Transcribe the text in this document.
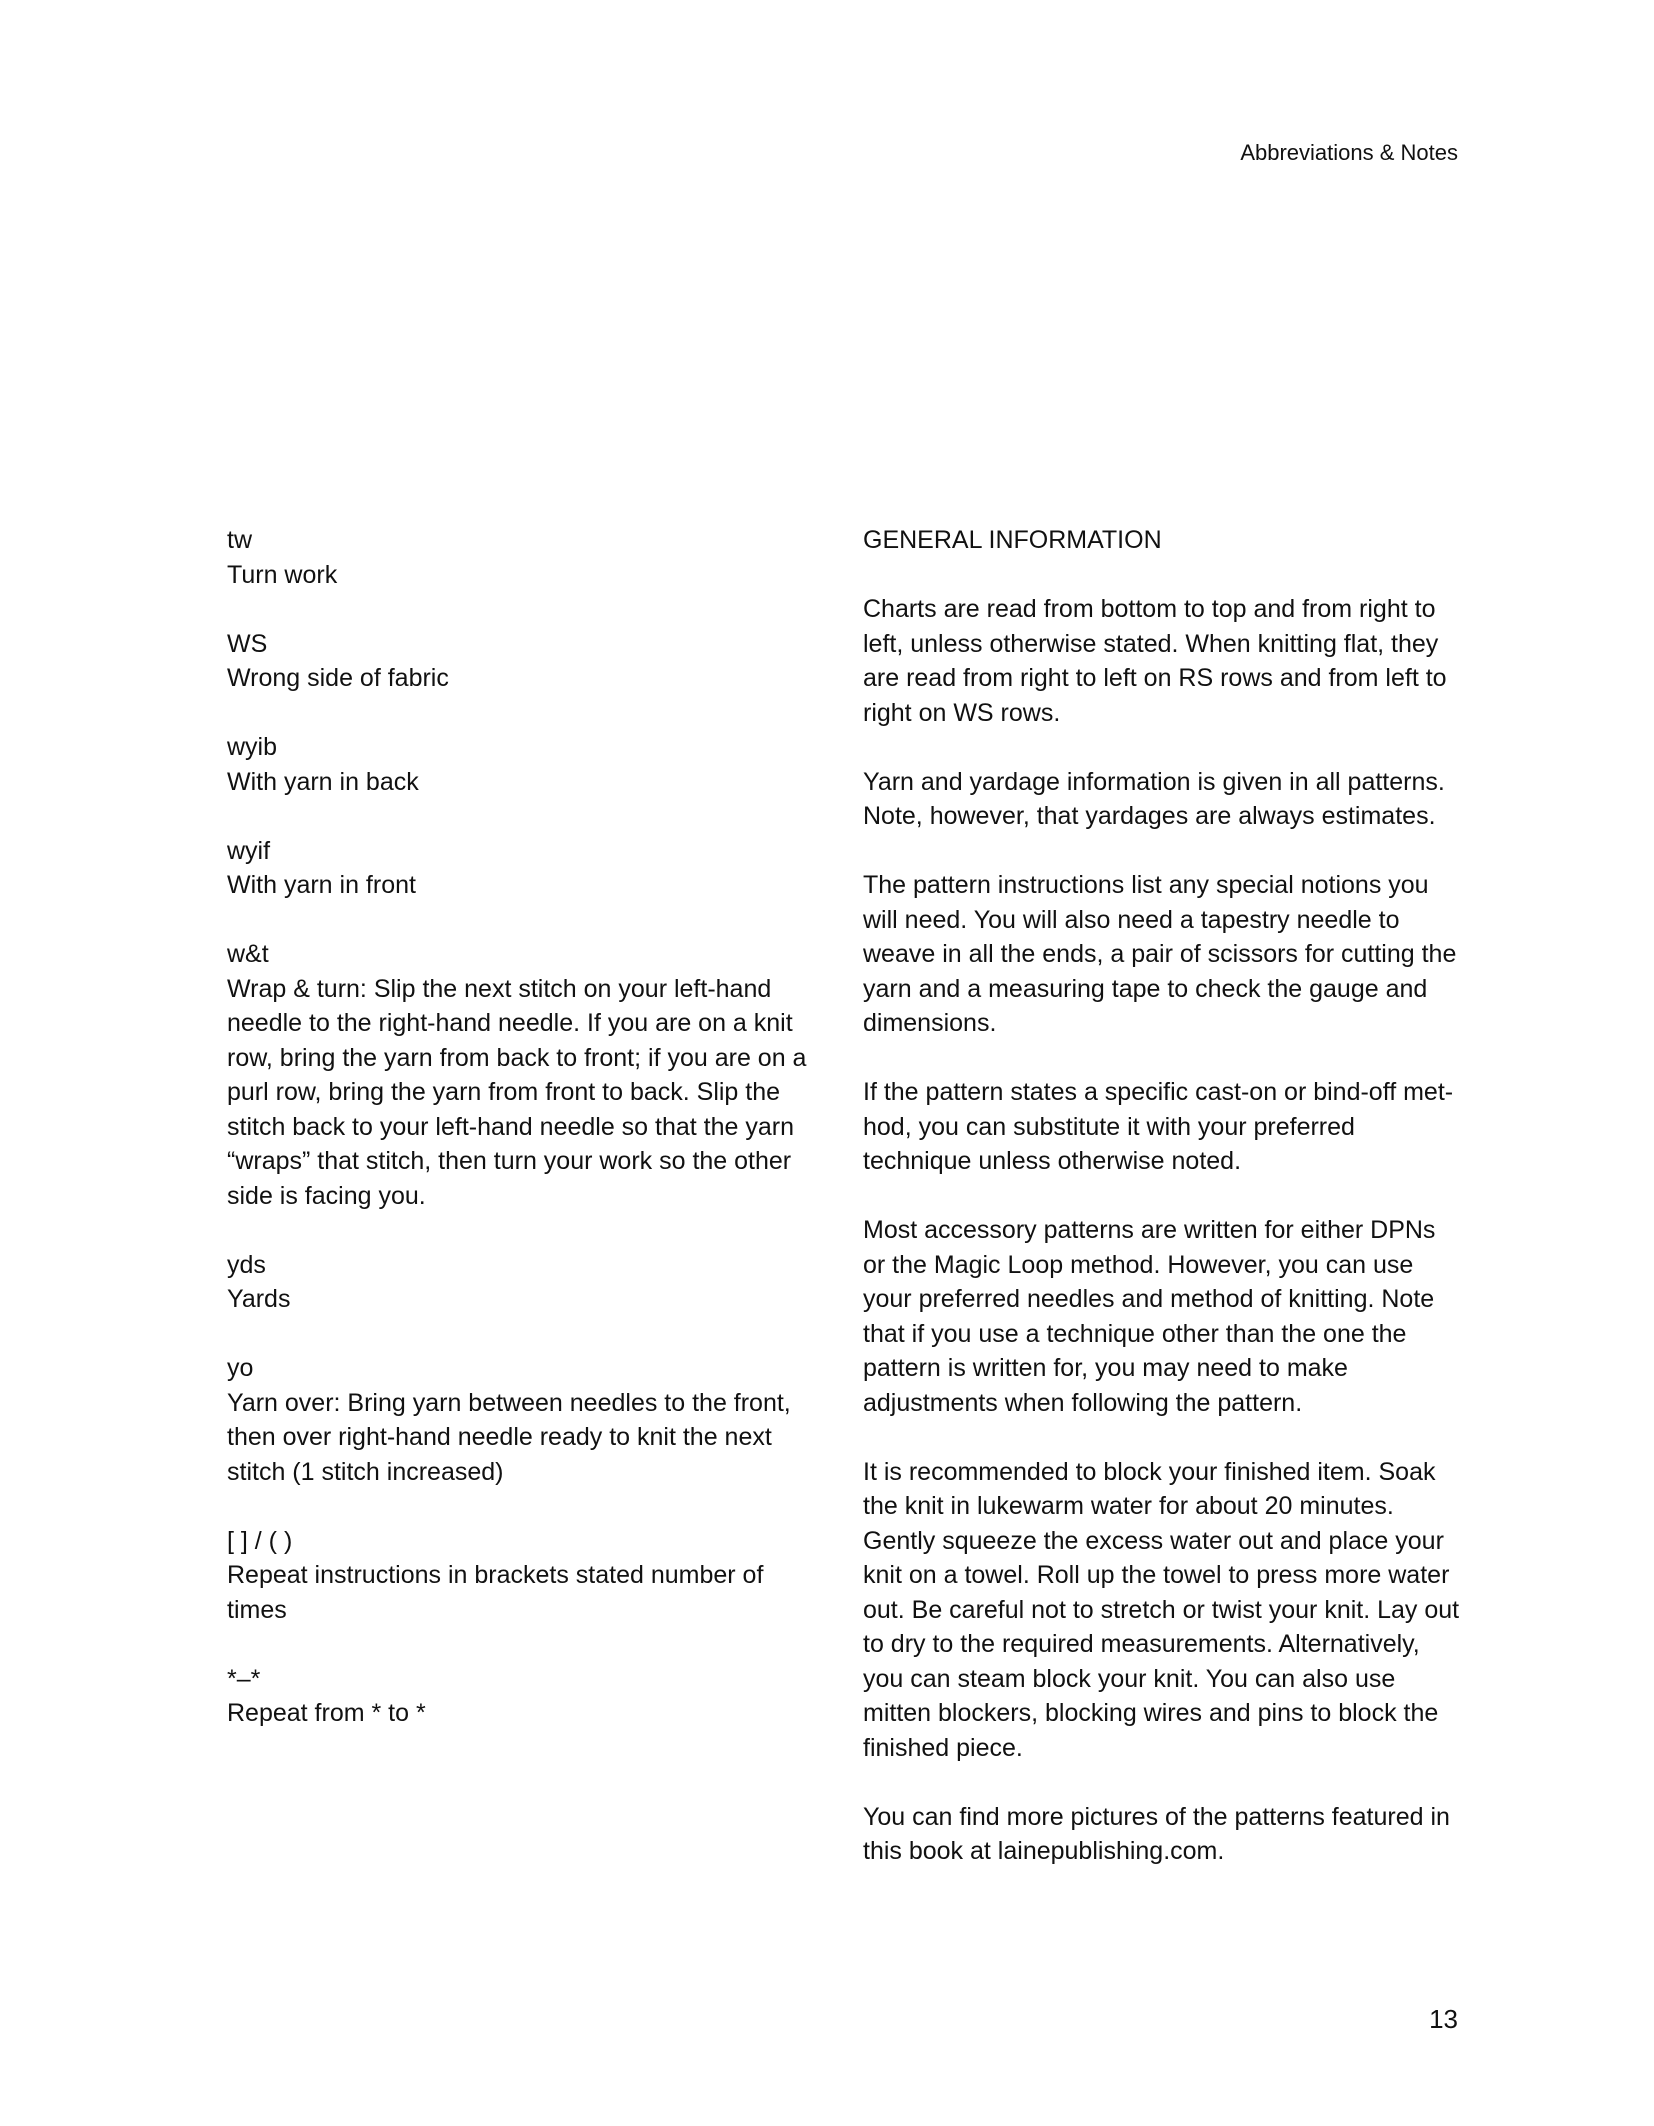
Abbreviations & Notes

tw

Turn work

WS

Wrong side of fabric

wyib

With yarn in back

wyif

With yarn in front

w&t

Wrap & turn: Slip the next stitch on your left-hand needle to the right-hand needle. If you are on a knit row, bring the yarn from back to front; if you are on a purl row, bring the yarn from front to back. Slip the stitch back to your left-hand needle so that the yarn “wraps” that stitch, then turn your work so the other side is facing you.

yds

Yards

yo

Yarn over: Bring yarn between needles to the front, then over right-hand needle ready to knit the next stitch (1 stitch increased)

[ ] / ( )

Repeat instructions in brackets stated number of times

*–*

Repeat from * to *

GENERAL INFORMATION

Charts are read from bottom to top and from right to left, unless otherwise stated. When knitting flat, they are read from right to left on RS rows and from left to right on WS rows.

Yarn and yardage information is given in all patterns. Note, however, that yardages are always estimates.

The pattern instructions list any special notions you will need. You will also need a tapestry needle to weave in all the ends, a pair of scissors for cutting the yarn and a measuring tape to check the gauge and dimensions.

If the pattern states a specific cast-on or bind-off met-hod, you can substitute it with your preferred technique unless otherwise noted.

Most accessory patterns are written for either DPNs or the Magic Loop method. However, you can use your preferred needles and method of knitting. Note that if you use a technique other than the one the pattern is written for, you may need to make adjustments when following the pattern.

It is recommended to block your finished item. Soak the knit in lukewarm water for about 20 minutes. Gently squeeze the excess water out and place your knit on a towel. Roll up the towel to press more water out. Be careful not to stretch or twist your knit. Lay out to dry to the required measurements. Alternatively, you can steam block your knit. You can also use mitten blockers, blocking wires and pins to block the finished piece.

You can find more pictures of the patterns featured in this book at lainepublishing.com.

13
